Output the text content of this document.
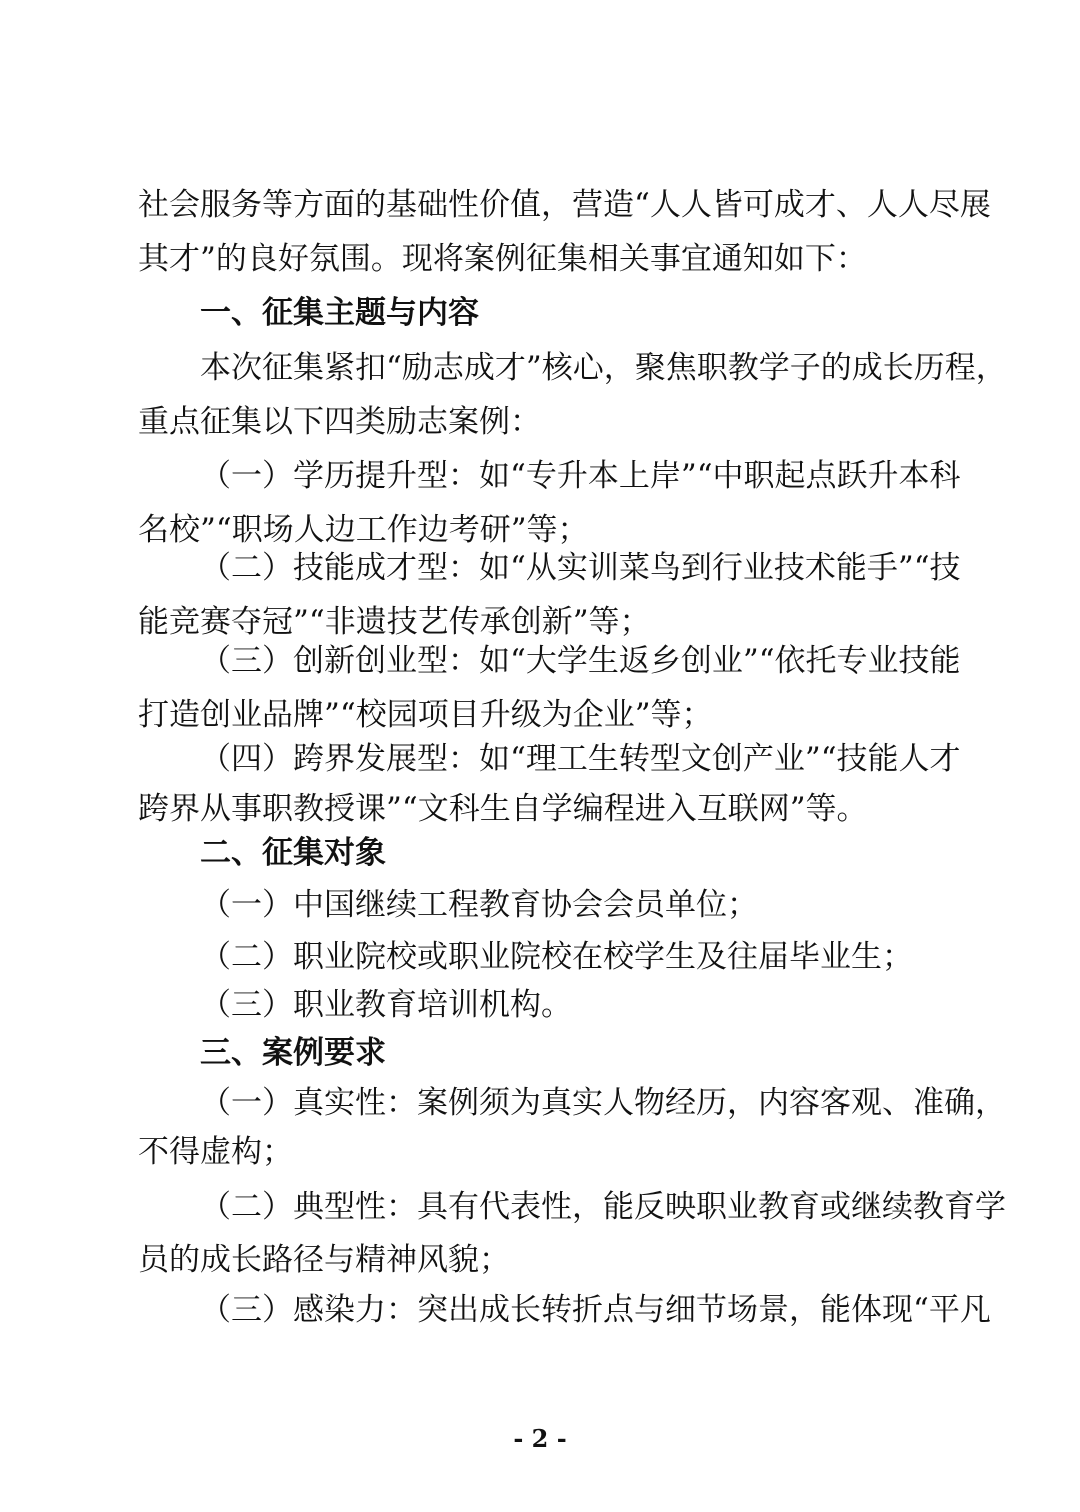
社会服务等方面的基础性价值，营造“人人皆可成才、人人尽展
其才”的良好氛围。现将案例征集相关事宜通知如下：
一、征集主题与内容
本次征集紧扣“励志成才”核心，聚焦职教学子的成长历程，
重点征集以下四类励志案例：
（一）学历提升型：如“专升本上岸”“中职起点跃升本科
名校”“职场人边工作边考研”等；
（二）技能成才型：如“从实训菜鸟到行业技术能手”“技
能竞赛夺冠”“非遗技艺传承创新”等；
（三）创新创业型：如“大学生返乡创业”“依托专业技能
打造创业品牌”“校园项目升级为企业”等；
（四）跨界发展型：如“理工生转型文创产业”“技能人才
跨界从事职教授课”“文科生自学编程进入互联网”等。
二、征集对象
（一）中国继续工程教育协会会员单位；
（二）职业院校或职业院校在校学生及往届毕业生；
（三）职业教育培训机构。
三、案例要求
（一）真实性：案例须为真实人物经历，内容客观、准确，
不得虚构；
（二）典型性：具有代表性，能反映职业教育或继续教育学
员的成长路径与精神风貌；
（三）感染力：突出成长转折点与细节场景，能体现“平凡
- 2 -
